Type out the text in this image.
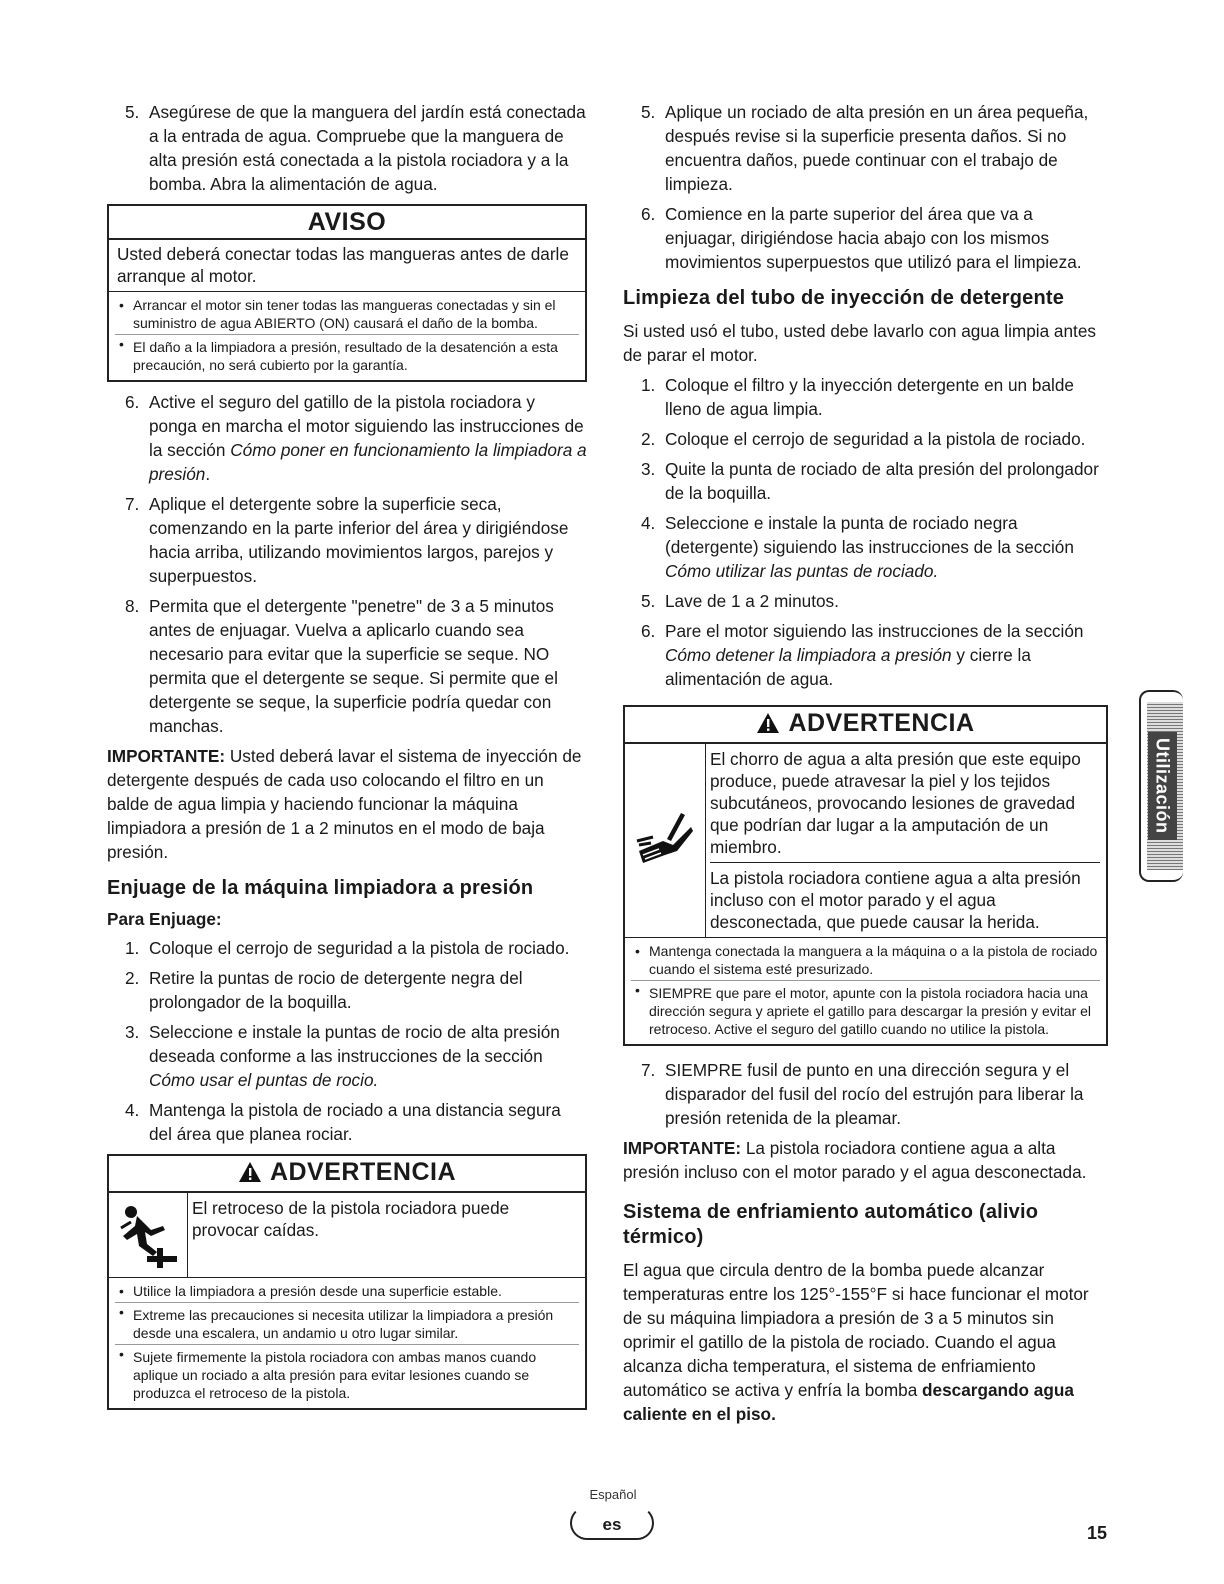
5. Asegúrese de que la manguera del jardín está conectada a la entrada de agua. Compruebe que la manguera de alta presión está conectada a la pistola rociadora y a la bomba. Abra la alimentación de agua.
AVISO
Usted deberá conectar todas las mangueras antes de darle arranque al motor.
• Arrancar el motor sin tener todas las mangueras conectadas y sin el suministro de agua ABIERTO (ON) causará el daño de la bomba.
• El daño a la limpiadora a presión, resultado de la desatención a esta precaución, no será cubierto por la garantía.
6. Active el seguro del gatillo de la pistola rociadora y ponga en marcha el motor siguiendo las instrucciones de la sección Cómo poner en funcionamiento la limpiadora a presión.
7. Aplique el detergente sobre la superficie seca, comenzando en la parte inferior del área y dirigiéndose hacia arriba, utilizando movimientos largos, parejos y superpuestos.
8. Permita que el detergente "penetre" de 3 a 5 minutos antes de enjuagar. Vuelva a aplicarlo cuando sea necesario para evitar que la superficie se seque. NO permita que el detergente se seque. Si permite que el detergente se seque, la superficie podría quedar con manchas.

IMPORTANTE: Usted deberá lavar el sistema de inyección de detergente después de cada uso colocando el filtro en un balde de agua limpia y haciendo funcionar la máquina limpiadora a presión de 1 a 2 minutos en el modo de baja presión.

Enjuage de la máquina limpiadora a presión
Para Enjuage:
1. Coloque el cerrojo de seguridad a la pistola de rociado.
2. Retire la puntas de rocio de detergente negra del prolongador de la boquilla.
3. Seleccione e instale la puntas de rocio de alta presión deseada conforme a las instrucciones de la sección Cómo usar el puntas de rocio.
4. Mantenga la pistola de rociado a una distancia segura del área que planea rociar.
ADVERTENCIA
El retroceso de la pistola rociadora puede provocar caídas.
• Utilice la limpiadora a presión desde una superficie estable.
• Extreme las precauciones si necesita utilizar la limpiadora a presión desde una escalera, un andamio u otro lugar similar.
• Sujete firmemente la pistola rociadora con ambas manos cuando aplique un rociado a alta presión para evitar lesiones cuando se produzca el retroceso de la pistola.
5. Aplique un rociado de alta presión en un área pequeña, después revise si la superficie presenta daños. Si no encuentra daños, puede continuar con el trabajo de limpieza.
6. Comience en la parte superior del área que va a enjuagar, dirigiéndose hacia abajo con los mismos movimientos superpuestos que utilizó para el limpieza.
Limpieza del tubo de inyección de detergente

Si usted usó el tubo, usted debe lavarlo con agua limpia antes de parar el motor.

1. Coloque el filtro y la inyección detergente en un balde lleno de agua limpia.
2. Coloque el cerrojo de seguridad a la pistola de rociado.
3. Quite la punta de rociado de alta presión del prolongador de la boquilla.
4. Seleccione e instale la punta de rociado negra (detergente) siguiendo las instrucciones de la sección Cómo utilizar las puntas de rociado.
5. Lave de 1 a 2 minutos.
6. Pare el motor siguiendo las instrucciones de la sección Cómo detener la limpiadora a presión y cierre la alimentación de agua.
ADVERTENCIA

El chorro de agua a alta presión que este equipo produce, puede atravesar la piel y los tejidos subcutáneos, provocando lesiones de gravedad que podrían dar lugar a la amputación de un miembro.

La pistola rociadora contiene agua a alta presión incluso con el motor parado y el agua desconectada, que puede causar la herida.

• Mantenga conectada la manguera a la máquina o a la pistola de rociado cuando el sistema esté presurizado.
• SIEMPRE que pare el motor, apunte con la pistola rociadora hacia una dirección segura y apriete el gatillo para descargar la presión y evitar el retroceso. Active el seguro del gatillo cuando no utilice la pistola.
7. SIEMPRE fusil de punto en una dirección segura y el disparador del fusil del rocío del estrujón para liberar la presión retenida de la pleamar.

IMPORTANTE: La pistola rociadora contiene agua a alta presión incluso con el motor parado y el agua desconectada.

Sistema de enfriamiento automático (alivio térmico)

El agua que circula dentro de la bomba puede alcanzar temperaturas entre los 125°-155°F si hace funcionar el motor de su máquina limpiadora a presión de 3 a 5 minutos sin oprimir el gatillo de la pistola de rociado. Cuando el agua alcanza dicha temperatura, el sistema de enfriamiento automático se activa y enfría la bomba descargando agua caliente en el piso.

Utilización
Español
es	15
